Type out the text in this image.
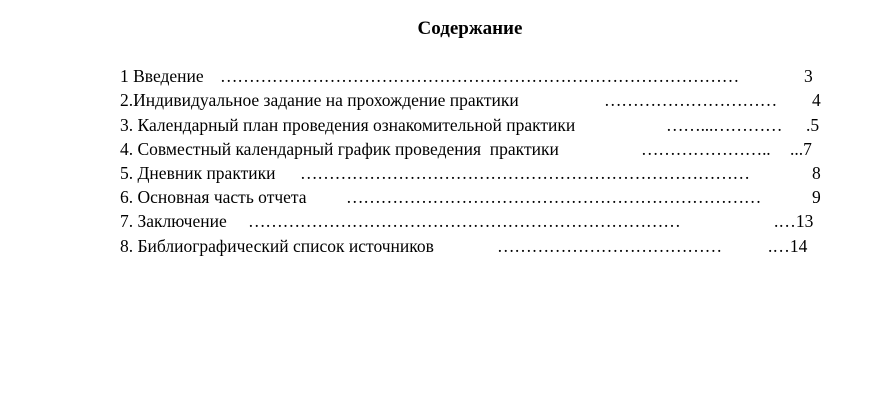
Содержание
1 Введение ………………………………………………………………………………	3
2.Индивидуальное задание на прохождение практики	………………………… 4
3. Календарный план проведения ознакомительной практики	……...………… .5
4. Совместный календарный график проведения  практики	………………….. ...7
5. Дневник практики ……………………………………………………………………	8
6. Основная часть отчета ………………………………………………………………	9
7. Заключение …………………………………………………………………	.…13
8. Библиографический список источников	…………………………………	.…14
